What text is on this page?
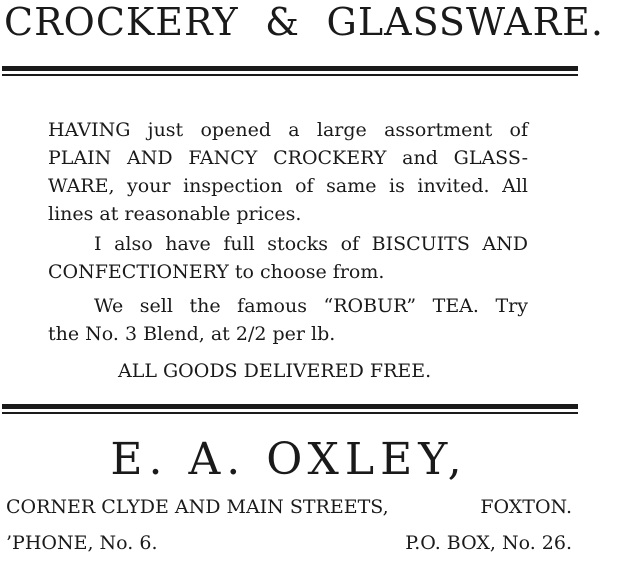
CROCKERY & GLASSWARE.
HAVING just opened a large assortment of
PLAIN AND FANCY CROCKERY and GLASS-
WARE, your inspection of same is invited. All
lines at reasonable prices.
I also have full stocks of BISCUITS AND
CONFECTIONERY to choose from.
We sell the famous “ROBUR” TEA. Try
the No. 3 Blend, at 2/2 per lb.
ALL GOODS DELIVERED FREE.
E. A. OXLEY,
CORNER CLYDE AND MAIN STREETS,	FOXTON.
’PHONE, No. 6.	P.O. BOX, No. 26.
